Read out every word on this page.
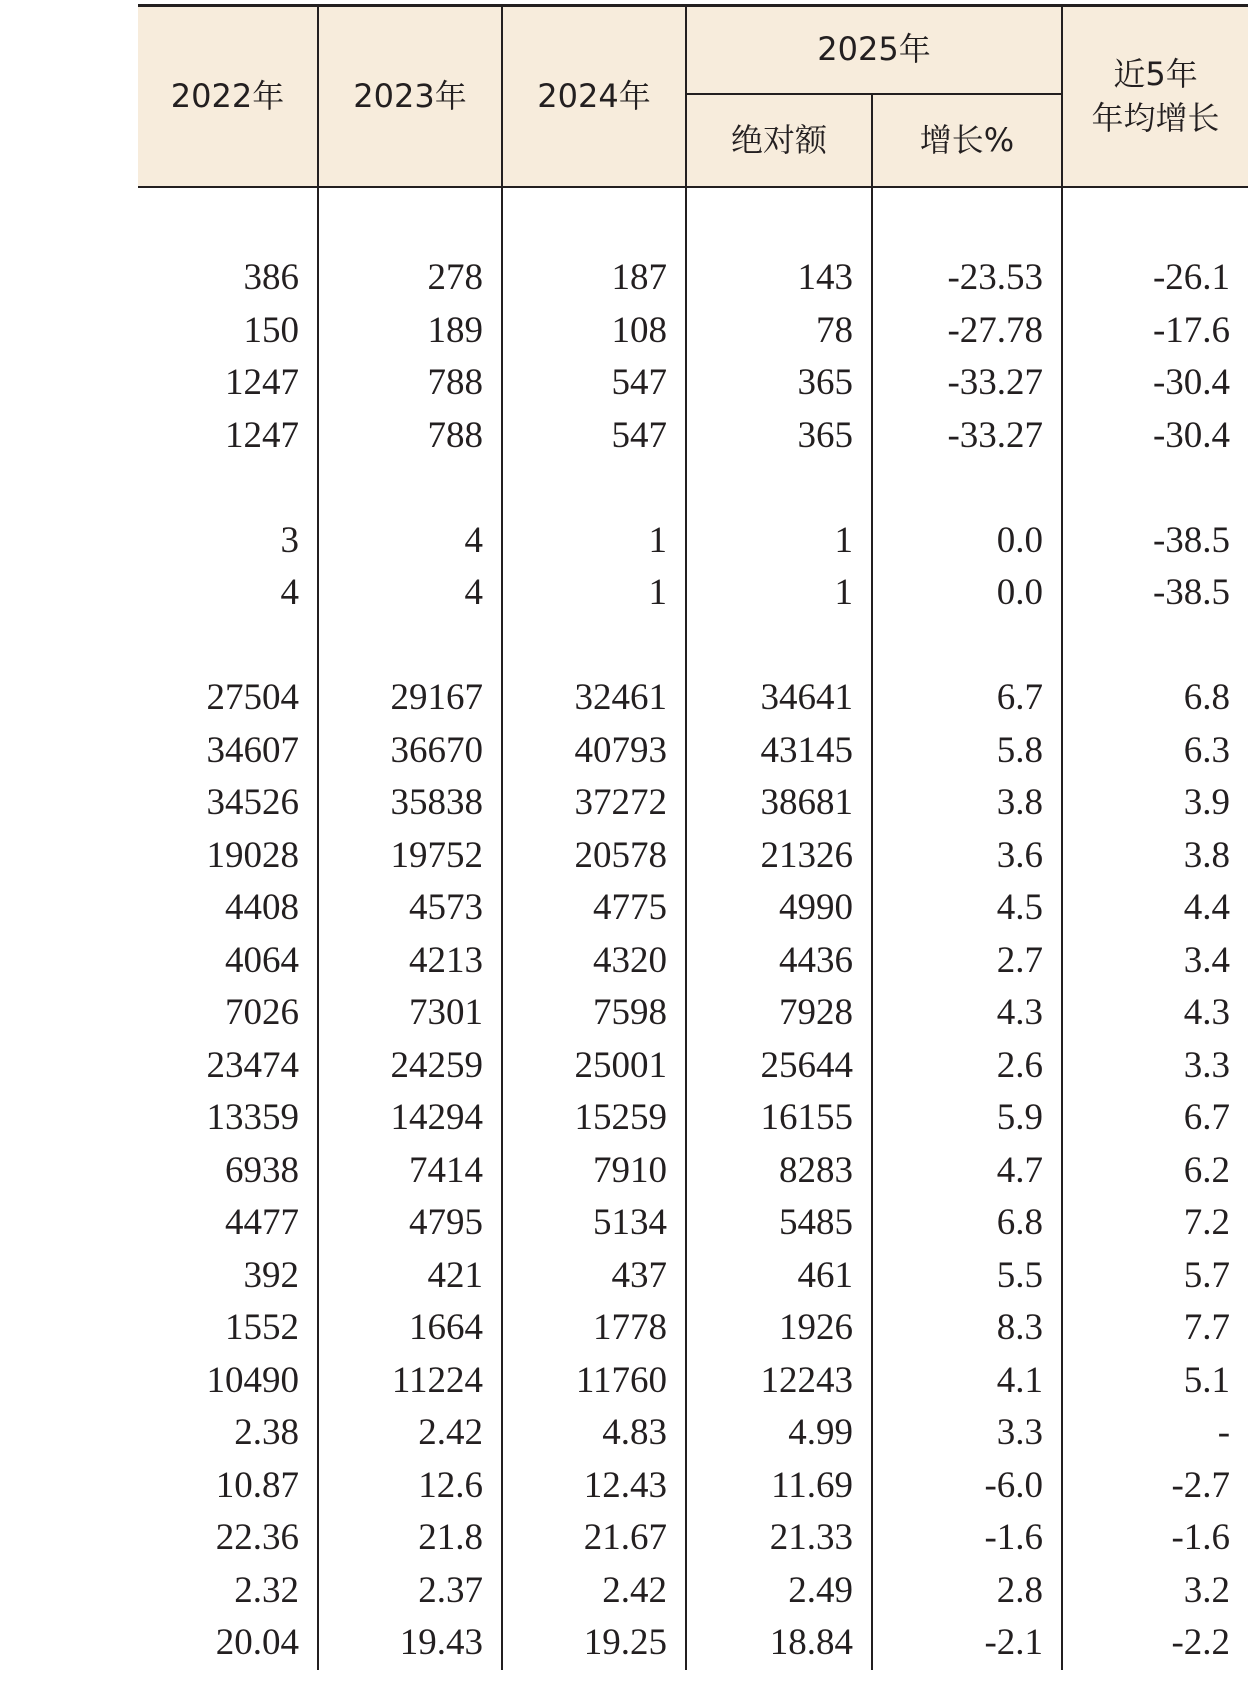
2022年	2023年	2024年	2025年		近5年
年均增长

			绝对额	增长%	

386	278	187	143	-23.53	-26.1
150	189	108	78	-27.78	-17.6
1247	788	547	365	-33.27	-30.4
1247	788	547	365	-33.27	-30.4

3	4	1	1	0.0	-38.5
4	4	1	1	0.0	-38.5

27504	29167	32461	34641	6.7	6.8
34607	36670	40793	43145	5.8	6.3
34526	35838	37272	38681	3.8	3.9
19028	19752	20578	21326	3.6	3.8
4408	4573	4775	4990	4.5	4.4
4064	4213	4320	4436	2.7	3.4
7026	7301	7598	7928	4.3	4.3
23474	24259	25001	25644	2.6	3.3
13359	14294	15259	16155	5.9	6.7
6938	7414	7910	8283	4.7	6.2
4477	4795	5134	5485	6.8	7.2
392	421	437	461	5.5	5.7
1552	1664	1778	1926	8.3	7.7
10490	11224	11760	12243	4.1	5.1
2.38	2.42	4.83	4.99	3.3	-
10.87	12.6	12.43	11.69	-6.0	-2.7
22.36	21.8	21.67	21.33	-1.6	-1.6
2.32	2.37	2.42	2.49	2.8	3.2
20.04	19.43	19.25	18.84	-2.1	-2.2
